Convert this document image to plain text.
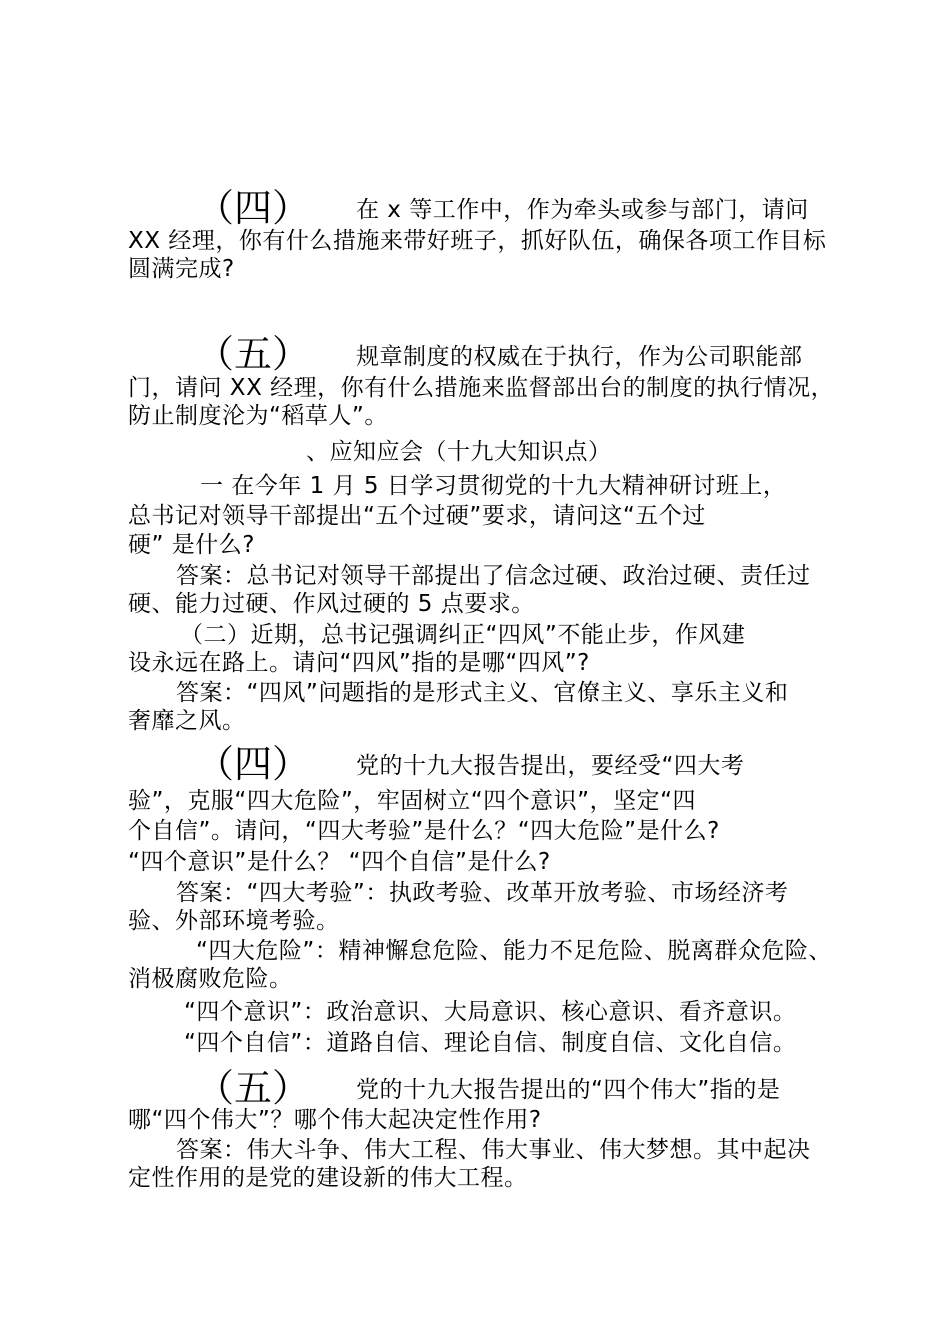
（四） 在 x 等工作中，作为牵头或参与部门，请问
XX 经理，你有什么措施来带好班子，抓好队伍，确保各项工作目标
圆满完成?
（五） 规章制度的权威在于执行，作为公司职能部
门，请问 XX 经理，你有什么措施来监督部出台的制度的执行情况，
防止制度沦为“稻草人”。
、应知应会（十九大知识点）
一 在今年 1 月 5 日学习贯彻党的十九大精神研讨班上，
总书记对领导干部提出“五个过硬”要求，请问这“五个过
硬” 是什么?
答案：总书记对领导干部提出了信念过硬、政治过硬、责任过
硬、能力过硬、作风过硬的 5 点要求。
（二）近期，总书记强调纠正“四风”不能止步，作风建
设永远在路上。请问“四风”指的是哪“四风”?
答案：“四风”问题指的是形式主义、官僚主义、享乐主义和
奢靡之风。
（四） 党的十九大报告提出，要经受“四大考
验”，克服“四大危险”，牢固树立“四个意识”，坚定“四
个自信”。请问，“四大考验”是什么？“四大危险”是什么?
“四个意识”是什么？ “四个自信”是什么?
答案：“四大考验”：执政考验、改革开放考验、市场经济考
验、外部环境考验。
“四大危险”：精神懈怠危险、能力不足危险、脱离群众危险、
消极腐败危险。
“四个意识”：政治意识、大局意识、核心意识、看齐意识。
“四个自信”：道路自信、理论自信、制度自信、文化自信。
（五） 党的十九大报告提出的“四个伟大”指的是
哪“四个伟大”？哪个伟大起决定性作用?
答案：伟大斗争、伟大工程、伟大事业、伟大梦想。其中起决
定性作用的是党的建设新的伟大工程。
